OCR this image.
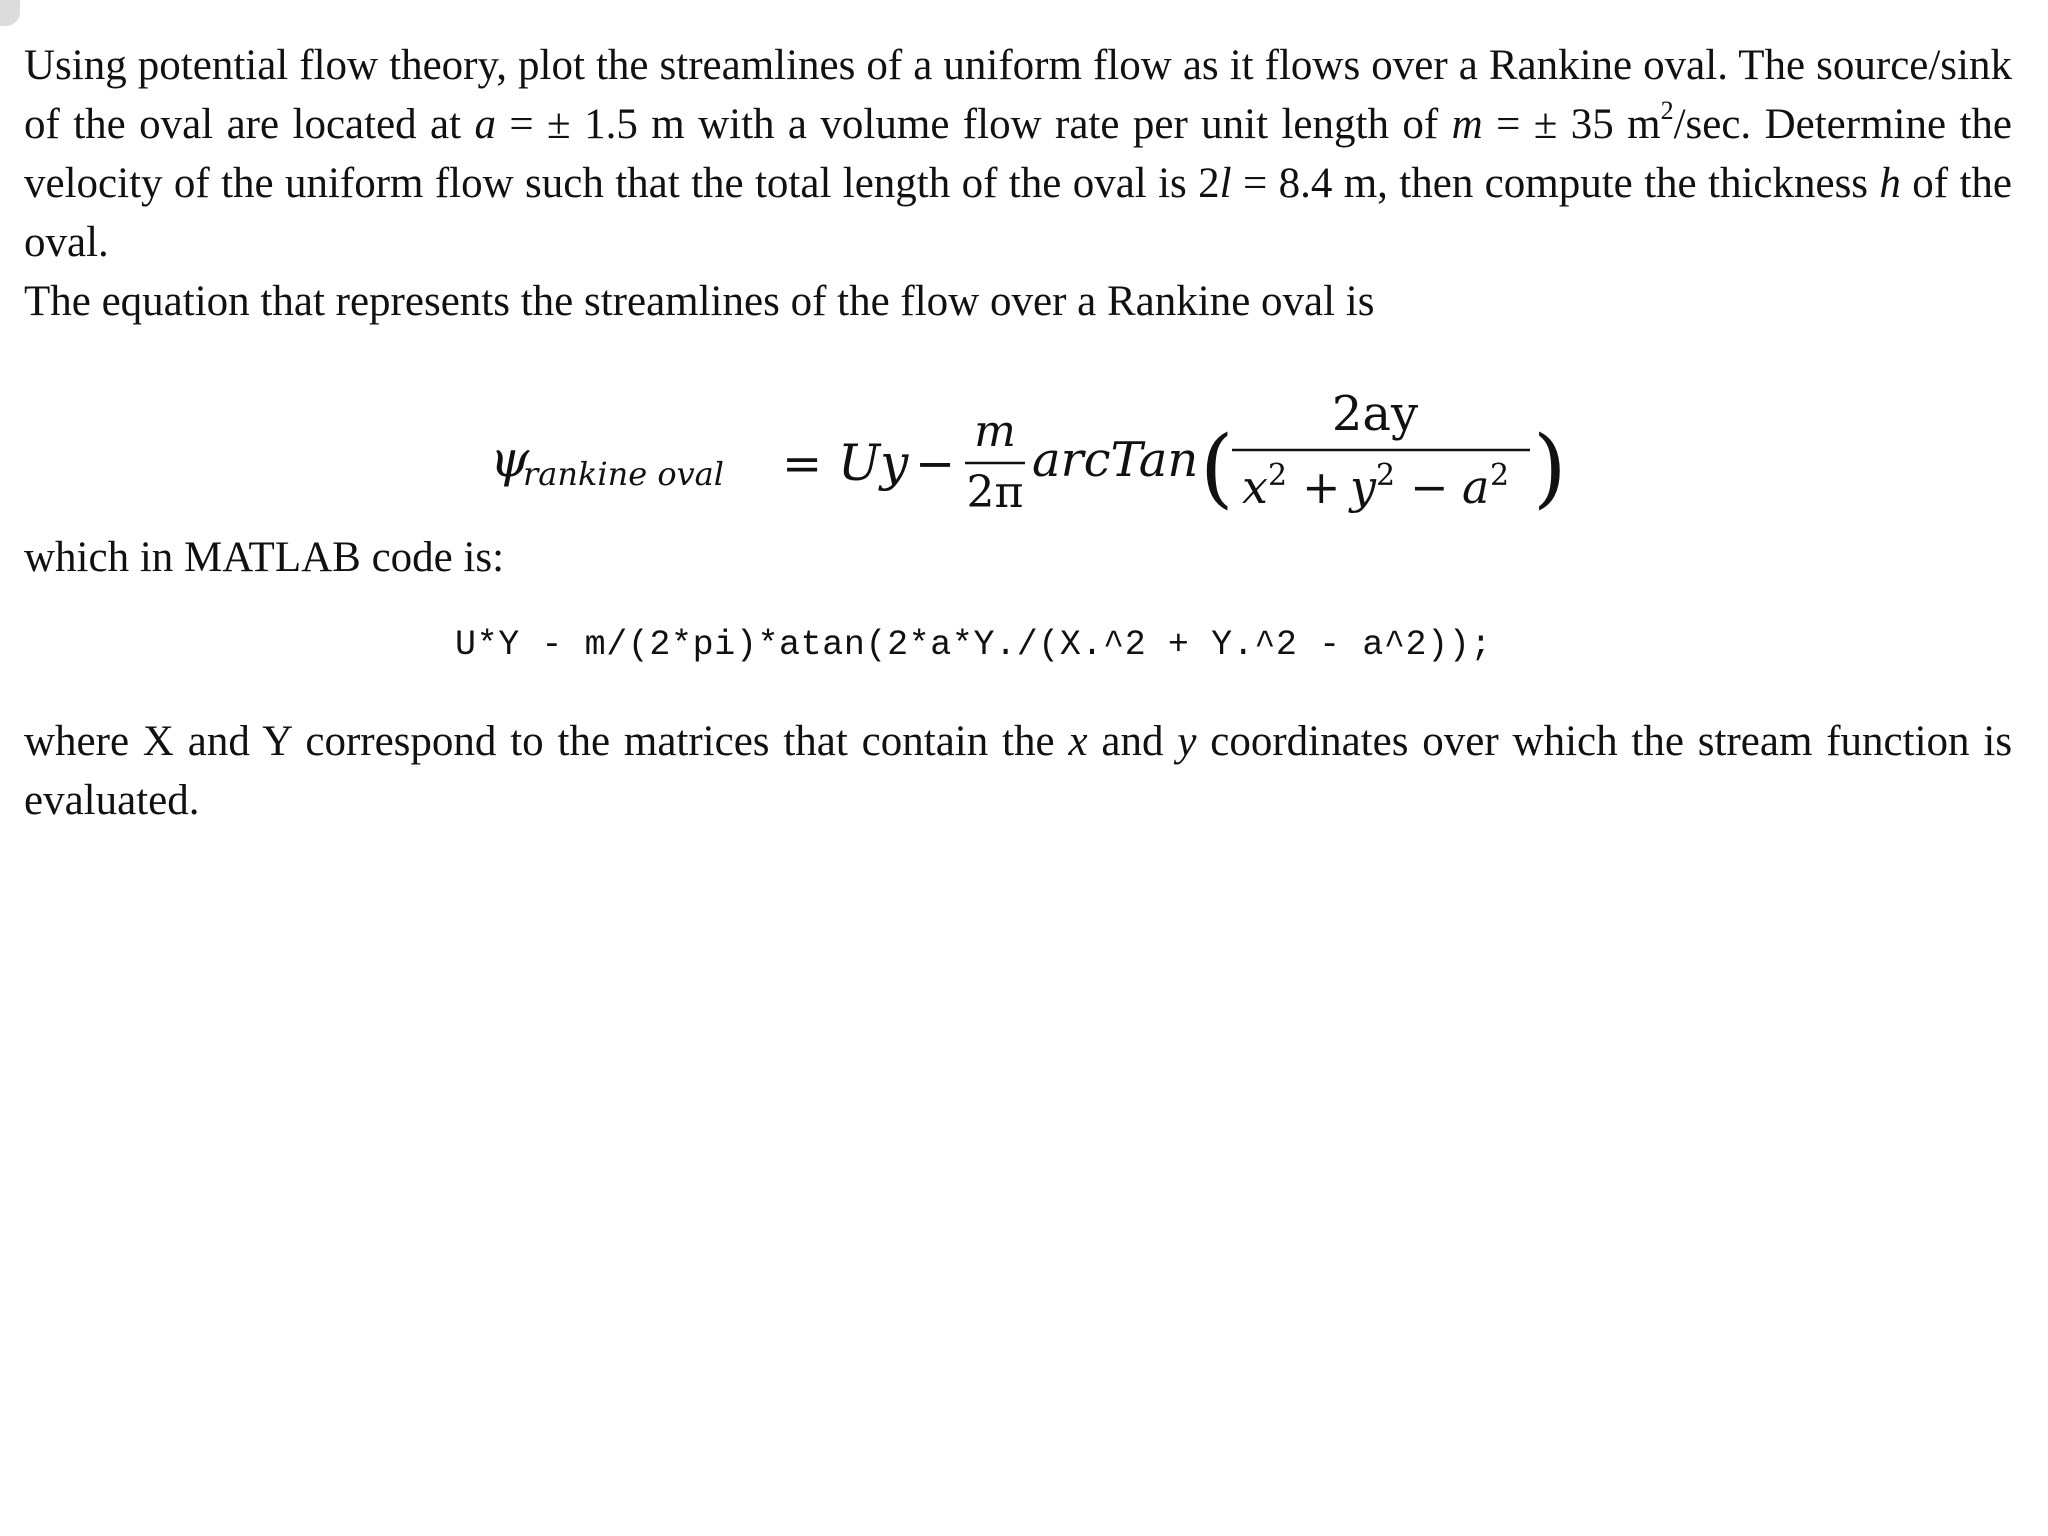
Using potential flow theory, plot the streamlines of a uniform flow as it flows over a Rankine oval. The source/sink of the oval are located at a = ± 1.5 m with a volume flow rate per unit length of m = ± 35 $m^2/\sec$. Determine the velocity of the uniform flow such that the total length of the oval is 2l = 8.4 m, then compute the thickness h of the oval.

The equation that represents the streamlines of the flow over a Rankine oval is

ψ
rankine oval = Uy −
m
2π
arcTan (	)
2ay
x 2 + y 2 − a 2

which in MATLAB code is:

U*Y - m/(2*pi)*atan(2*a*Y./(X.^2 + Y.^2 - a^2));

where X and Y correspond to the matrices that contain the x and y coordinates over which the stream function is evaluated.
